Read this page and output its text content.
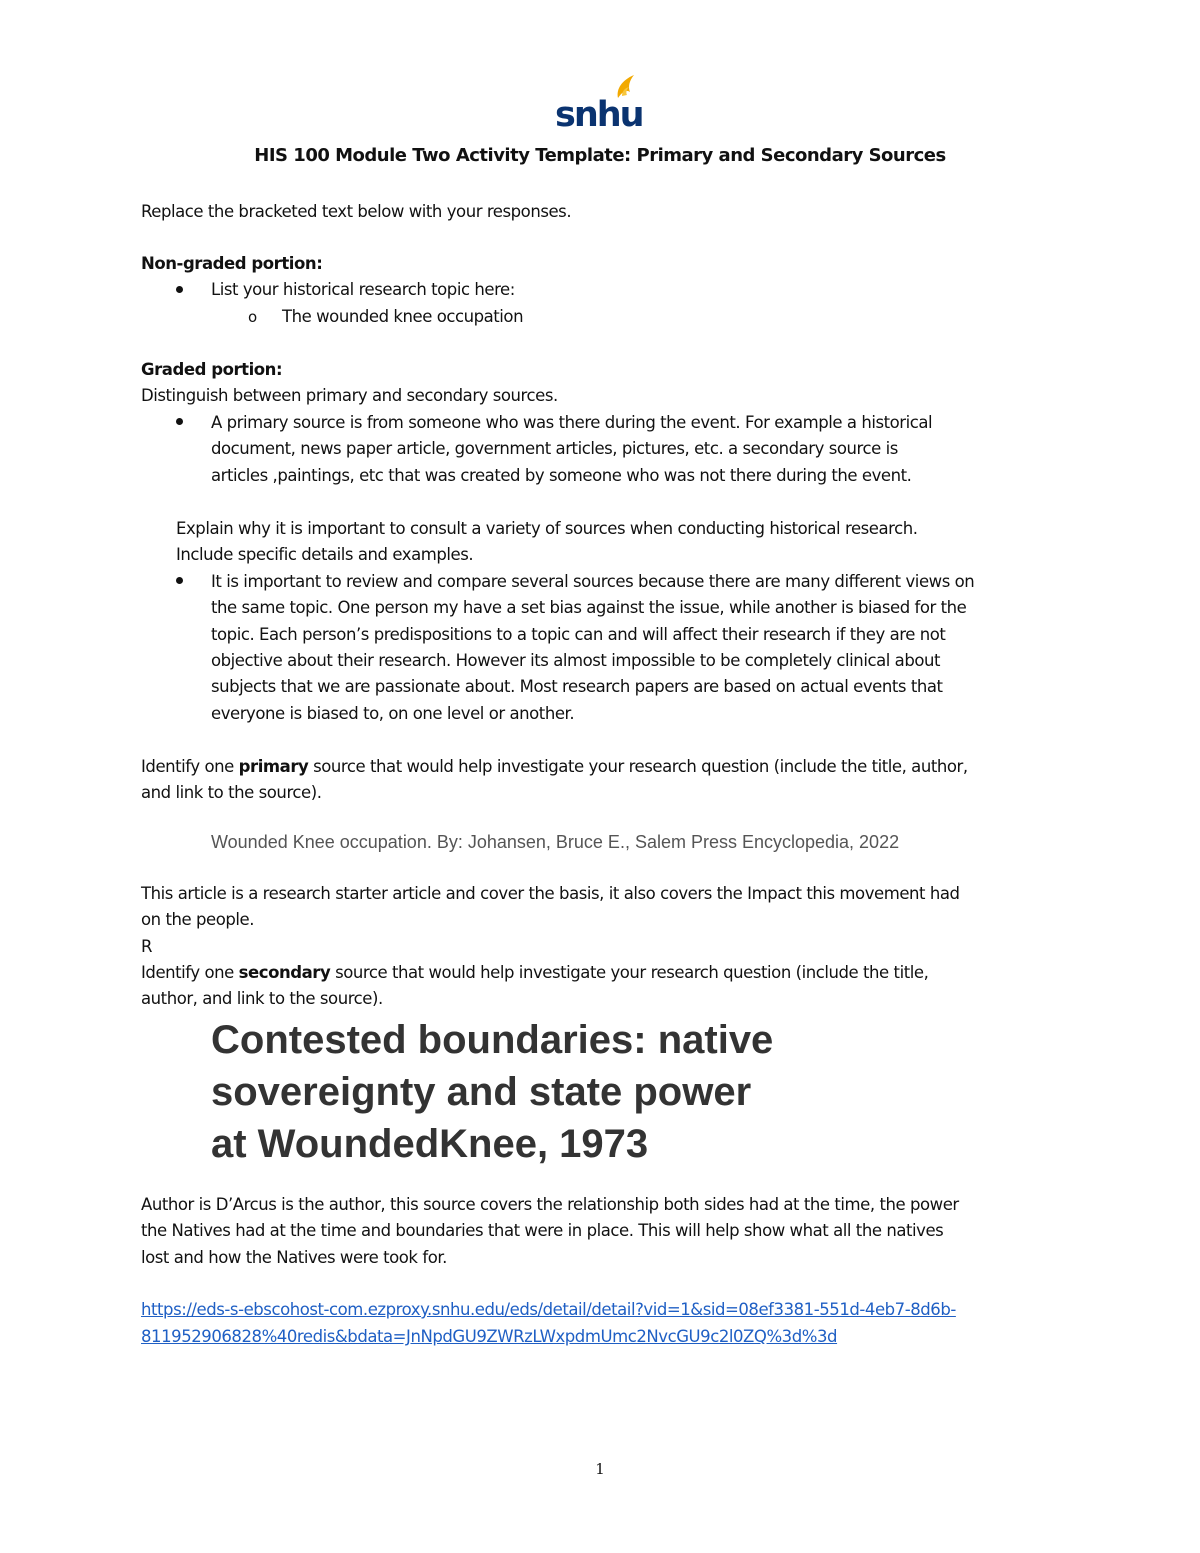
snhu
HIS 100 Module Two Activity Template: Primary and Secondary Sources
Replace the bracketed text below with your responses.
Non-graded portion:
List your historical research topic here:
o The wounded knee occupation
Graded portion:
Distinguish between primary and secondary sources.
A primary source is from someone who was there during the event. For example a historical
document, news paper article, government articles, pictures, etc. a secondary source is
articles ,paintings, etc that was created by someone who was not there during the event.
Explain why it is important to consult a variety of sources when conducting historical research.
Include specific details and examples.
It is important to review and compare several sources because there are many different views on
the same topic. One person my have a set bias against the issue, while another is biased for the
topic. Each person’s predispositions to a topic can and will affect their research if they are not
objective about their research. However its almost impossible to be completely clinical about
subjects that we are passionate about. Most research papers are based on actual events that
everyone is biased to, on one level or another.
Identify one primary source that would help investigate your research question (include the title, author,
and link to the source).
Wounded Knee occupation. By: Johansen, Bruce E., Salem Press Encyclopedia, 2022
This article is a research starter article and cover the basis, it also covers the Impact this movement had
on the people.
R
Identify one secondary source that would help investigate your research question (include the title,
author, and link to the source).
Contested boundaries: native
sovereignty and state power
at WoundedKnee, 1973
Author is D’Arcus is the author, this source covers the relationship both sides had at the time, the power
the Natives had at the time and boundaries that were in place. This will help show what all the natives
lost and how the Natives were took for.
https://eds-s-ebscohost-com.ezproxy.snhu.edu/eds/detail/detail?vid=1&sid=08ef3381-551d-4eb7-8d6b-
811952906828%40redis&bdata=JnNpdGU9ZWRzLWxpdmUmc2NvcGU9c2l0ZQ%3d%3d
1
